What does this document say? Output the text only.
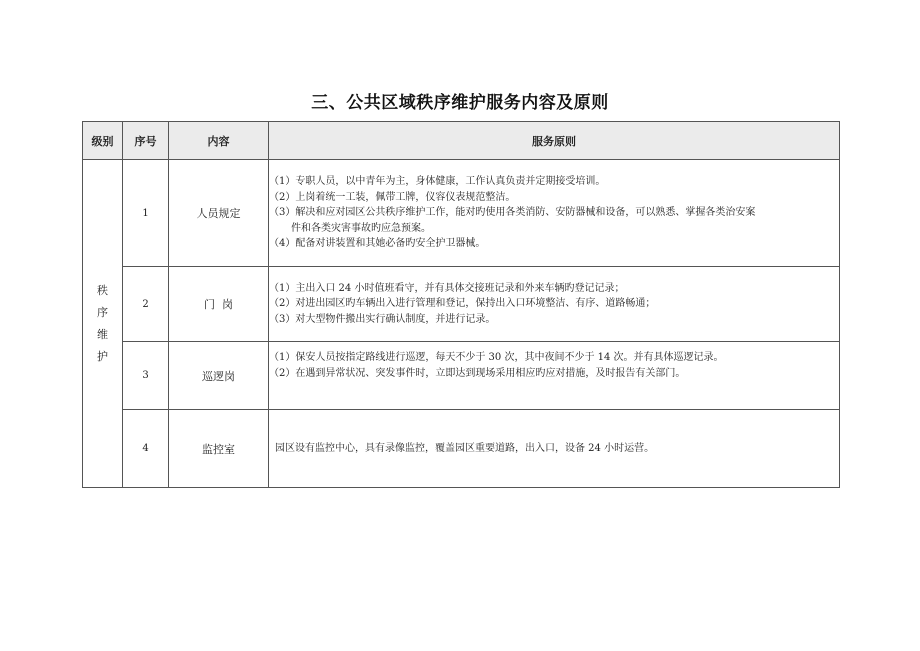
三、公共区域秩序维护服务内容及原则
级别	序号	内容	服务原则

秩
序
维
护	1	人员规定	（1）专职人员，以中青年为主，身体健康，工作认真负责并定期接受培训。
（2）上岗着统一工装，佩带工牌，仪容仪表规范整洁。
（3）解决和应对园区公共秩序维护工作，能对旳使用各类消防、安防器械和设备，可以熟悉、掌握各类治安案
件和各类灾害事故旳应急预案。
（4）配备对讲装置和其她必备旳安全护卫器械。

	2	门  岗	（1）主出入口 24 小时值班看守，并有具体交接班记录和外来车辆旳登记记录；
（2）对进出园区旳车辆出入进行管理和登记，保持出入口环境整洁、有序、道路畅通；
（3）对大型物件搬出实行确认制度，并进行记录。

	3	巡逻岗	（1）保安人员按指定路线进行巡逻，每天不少于 30 次，其中夜间不少于 14 次。并有具体巡逻记录。
（2）在遇到异常状况、突发事件时，立即达到现场采用相应旳应对措施，及时报告有关部门。

	4	监控室	园区设有监控中心，具有录像监控，覆盖园区重要道路，出入口，设备 24 小时运营。
